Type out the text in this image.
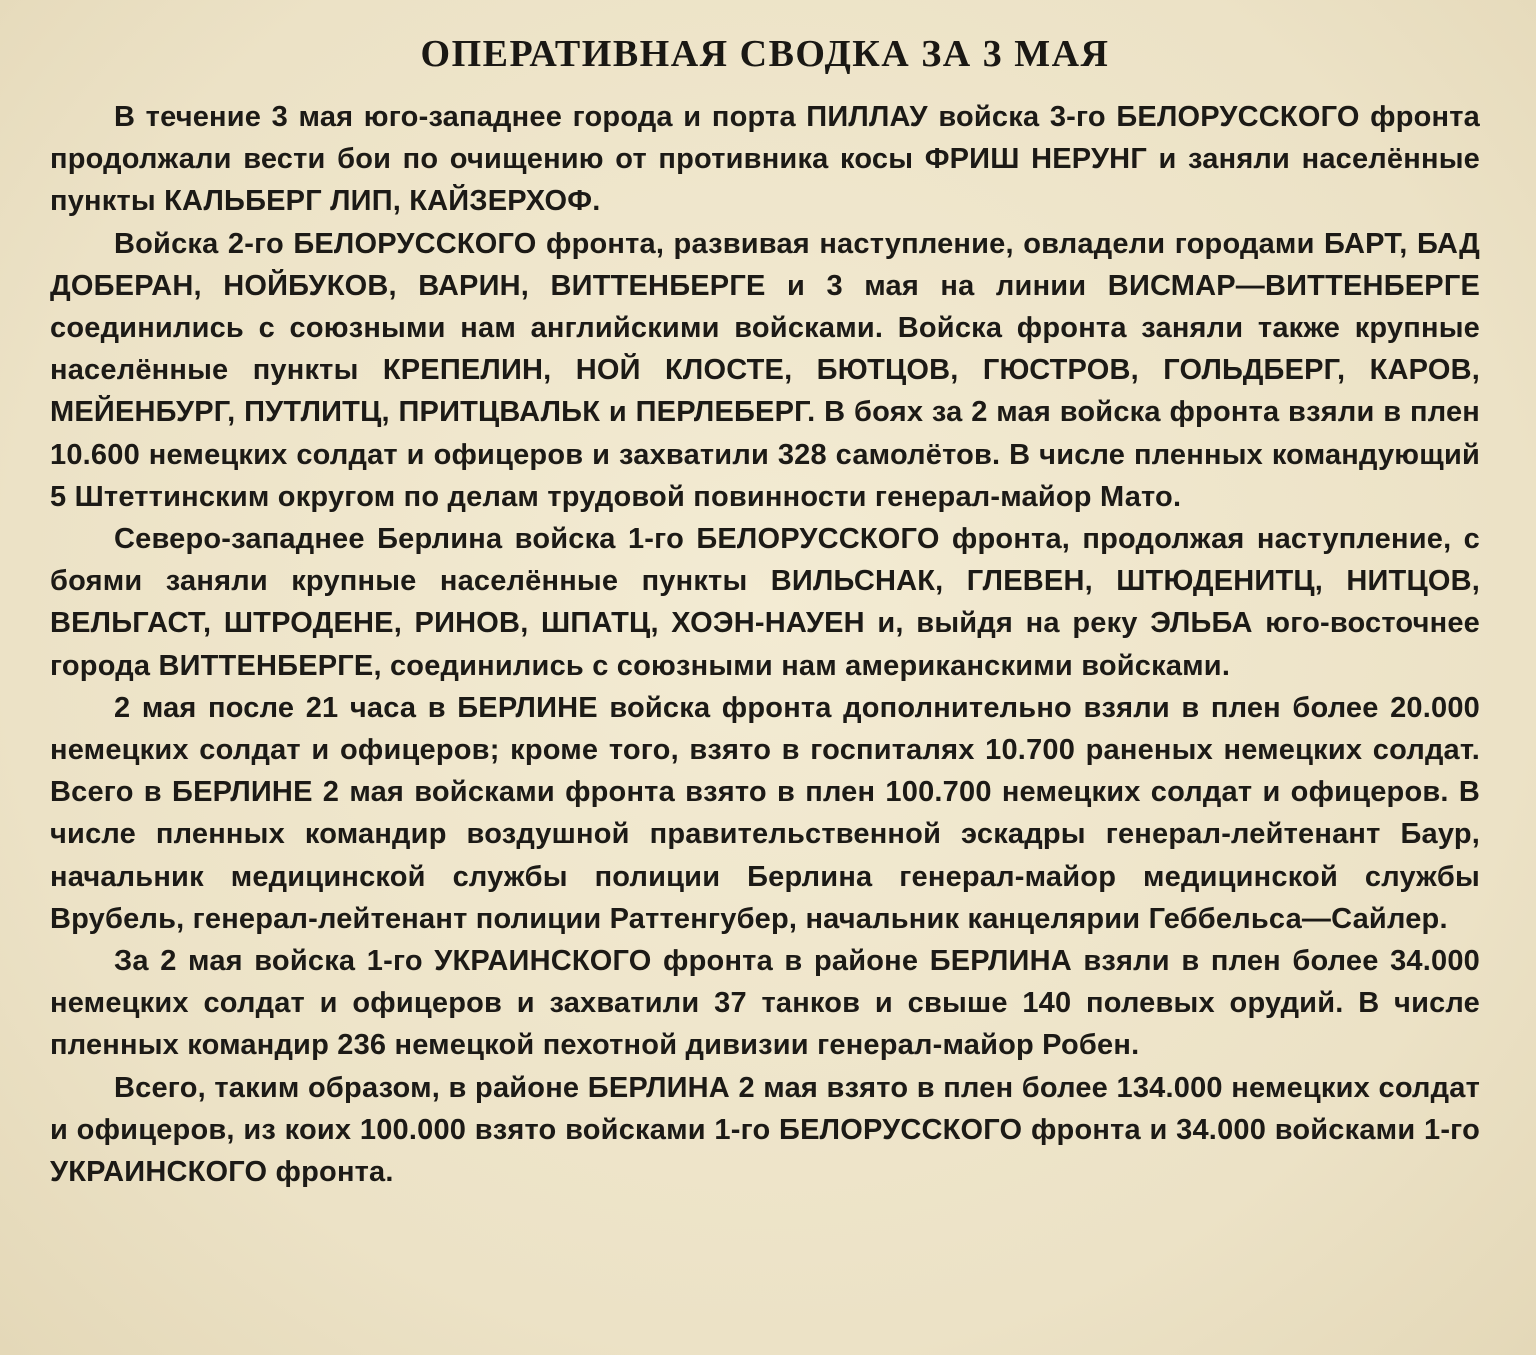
ОПЕРАТИВНАЯ СВОДКА ЗА 3 МАЯ

В течение 3 мая юго-западнее города и порта ПИЛЛАУ войска 3-го БЕЛОРУССКОГО фронта продолжали вести бои по очищению от противника косы ФРИШ НЕРУНГ и заняли населённые пункты КАЛЬБЕРГ ЛИП, КАЙЗЕРХОФ.

Войска 2-го БЕЛОРУССКОГО фронта, развивая наступление, овладели городами БАРТ, БАД ДОБЕРАН, НОЙБУКОВ, ВАРИН, ВИТТЕНБЕРГЕ и 3 мая на линии ВИСМАР—ВИТТЕНБЕРГЕ соединились с союзными нам английскими войсками. Войска фронта заняли также крупные населённые пункты КРЕПЕЛИН, НОЙ КЛОСТЕ, БЮТЦОВ, ГЮСТРОВ, ГОЛЬДБЕРГ, КАРОВ, МЕЙЕНБУРГ, ПУТЛИТЦ, ПРИТЦВАЛЬК и ПЕРЛЕБЕРГ. В боях за 2 мая войска фронта взяли в плен 10.600 немецких солдат и офицеров и захватили 328 самолётов. В числе пленных командующий 5 Штеттинским округом по делам трудовой повинности генерал-майор Мато.

Северо-западнее Берлина войска 1-го БЕЛОРУССКОГО фронта, продолжая наступление, с боями заняли крупные населённые пункты ВИЛЬСНАК, ГЛЕВЕН, ШТЮДЕНИТЦ, НИТЦОВ, ВЕЛЬГАСТ, ШТРОДЕНЕ, РИНОВ, ШПАТЦ, ХОЭН-НАУЕН и, выйдя на реку ЭЛЬБА юго-восточнее города ВИТТЕНБЕРГЕ, соединились с союзными нам американскими войсками.

2 мая после 21 часа в БЕРЛИНЕ войска фронта дополнительно взяли в плен более 20.000 немецких солдат и офицеров; кроме того, взято в госпиталях 10.700 раненых немецких солдат. Всего в БЕРЛИНЕ 2 мая войсками фронта взято в плен 100.700 немецких солдат и офицеров. В числе пленных командир воздушной правительственной эскадры генерал-лейтенант Баур, начальник медицинской службы полиции Берлина генерал-майор медицинской службы Врубель, генерал-лейтенант полиции Раттенгубер, начальник канцелярии Геббельса—Сайлер.

За 2 мая войска 1-го УКРАИНСКОГО фронта в районе БЕРЛИНА взяли в плен более 34.000 немецких солдат и офицеров и захватили 37 танков и свыше 140 полевых орудий. В числе пленных командир 236 немецкой пехотной дивизии генерал-майор Робен.

Всего, таким образом, в районе БЕРЛИНА 2 мая взято в плен более 134.000 немецких солдат и офицеров, из коих 100.000 взято войсками 1-го БЕЛОРУССКОГО фронта и 34.000 войсками 1-го УКРАИНСКОГО фронта.
